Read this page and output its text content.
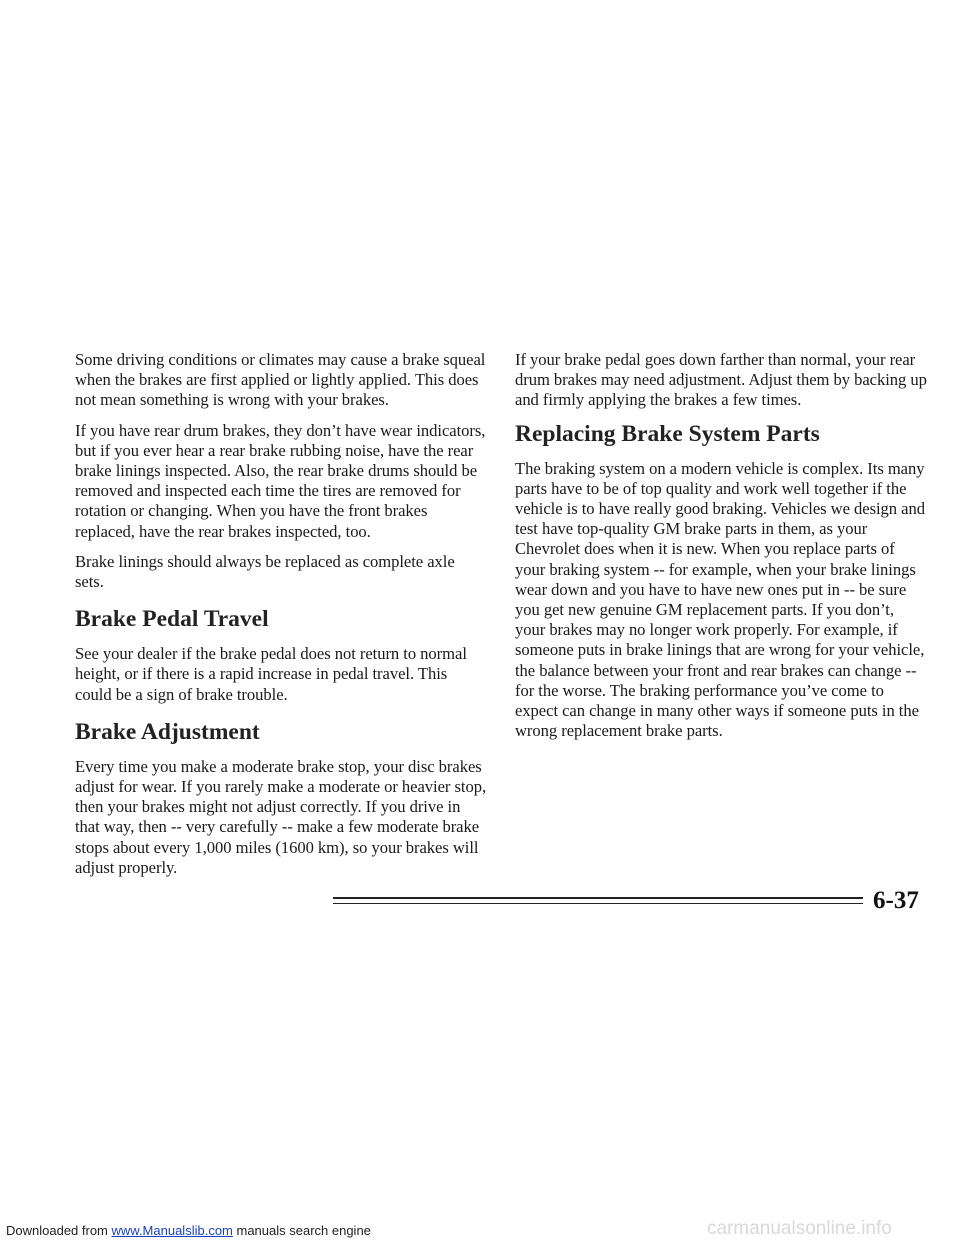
Some driving conditions or climates may cause a brake squeal when the brakes are first applied or lightly applied. This does not mean something is wrong with your brakes.

If you have rear drum brakes, they don’t have wear indicators, but if you ever hear a rear brake rubbing noise, have the rear brake linings inspected. Also, the rear brake drums should be removed and inspected each time the tires are removed for rotation or changing. When you have the front brakes replaced, have the rear brakes inspected, too.

Brake linings should always be replaced as complete axle sets.

Brake Pedal Travel

See your dealer if the brake pedal does not return to normal height, or if there is a rapid increase in pedal travel. This could be a sign of brake trouble.

Brake Adjustment

Every time you make a moderate brake stop, your disc brakes adjust for wear. If you rarely make a moderate or heavier stop, then your brakes might not adjust correctly. If you drive in that way, then -- very carefully -- make a few moderate brake stops about every 1,000 miles (1600 km), so your brakes will adjust properly.

If your brake pedal goes down farther than normal, your rear drum brakes may need adjustment. Adjust them by backing up and firmly applying the brakes a few times.

Replacing Brake System Parts

The braking system on a modern vehicle is complex. Its many parts have to be of top quality and work well together if the vehicle is to have really good braking. Vehicles we design and test have top-quality GM brake parts in them, as your Chevrolet does when it is new. When you replace parts of your braking system -- for example, when your brake linings wear down and you have to have new ones put in -- be sure you get new genuine GM replacement parts. If you don’t, your brakes may no longer work properly. For example, if someone puts in brake linings that are wrong for your vehicle, the balance between your front and rear brakes can change -- for the worse. The braking performance you’ve come to expect can change in many other ways if someone puts in the wrong replacement brake parts.

6-37
Downloaded from www.Manualslib.com manuals search engine	carmanualsonline.info
